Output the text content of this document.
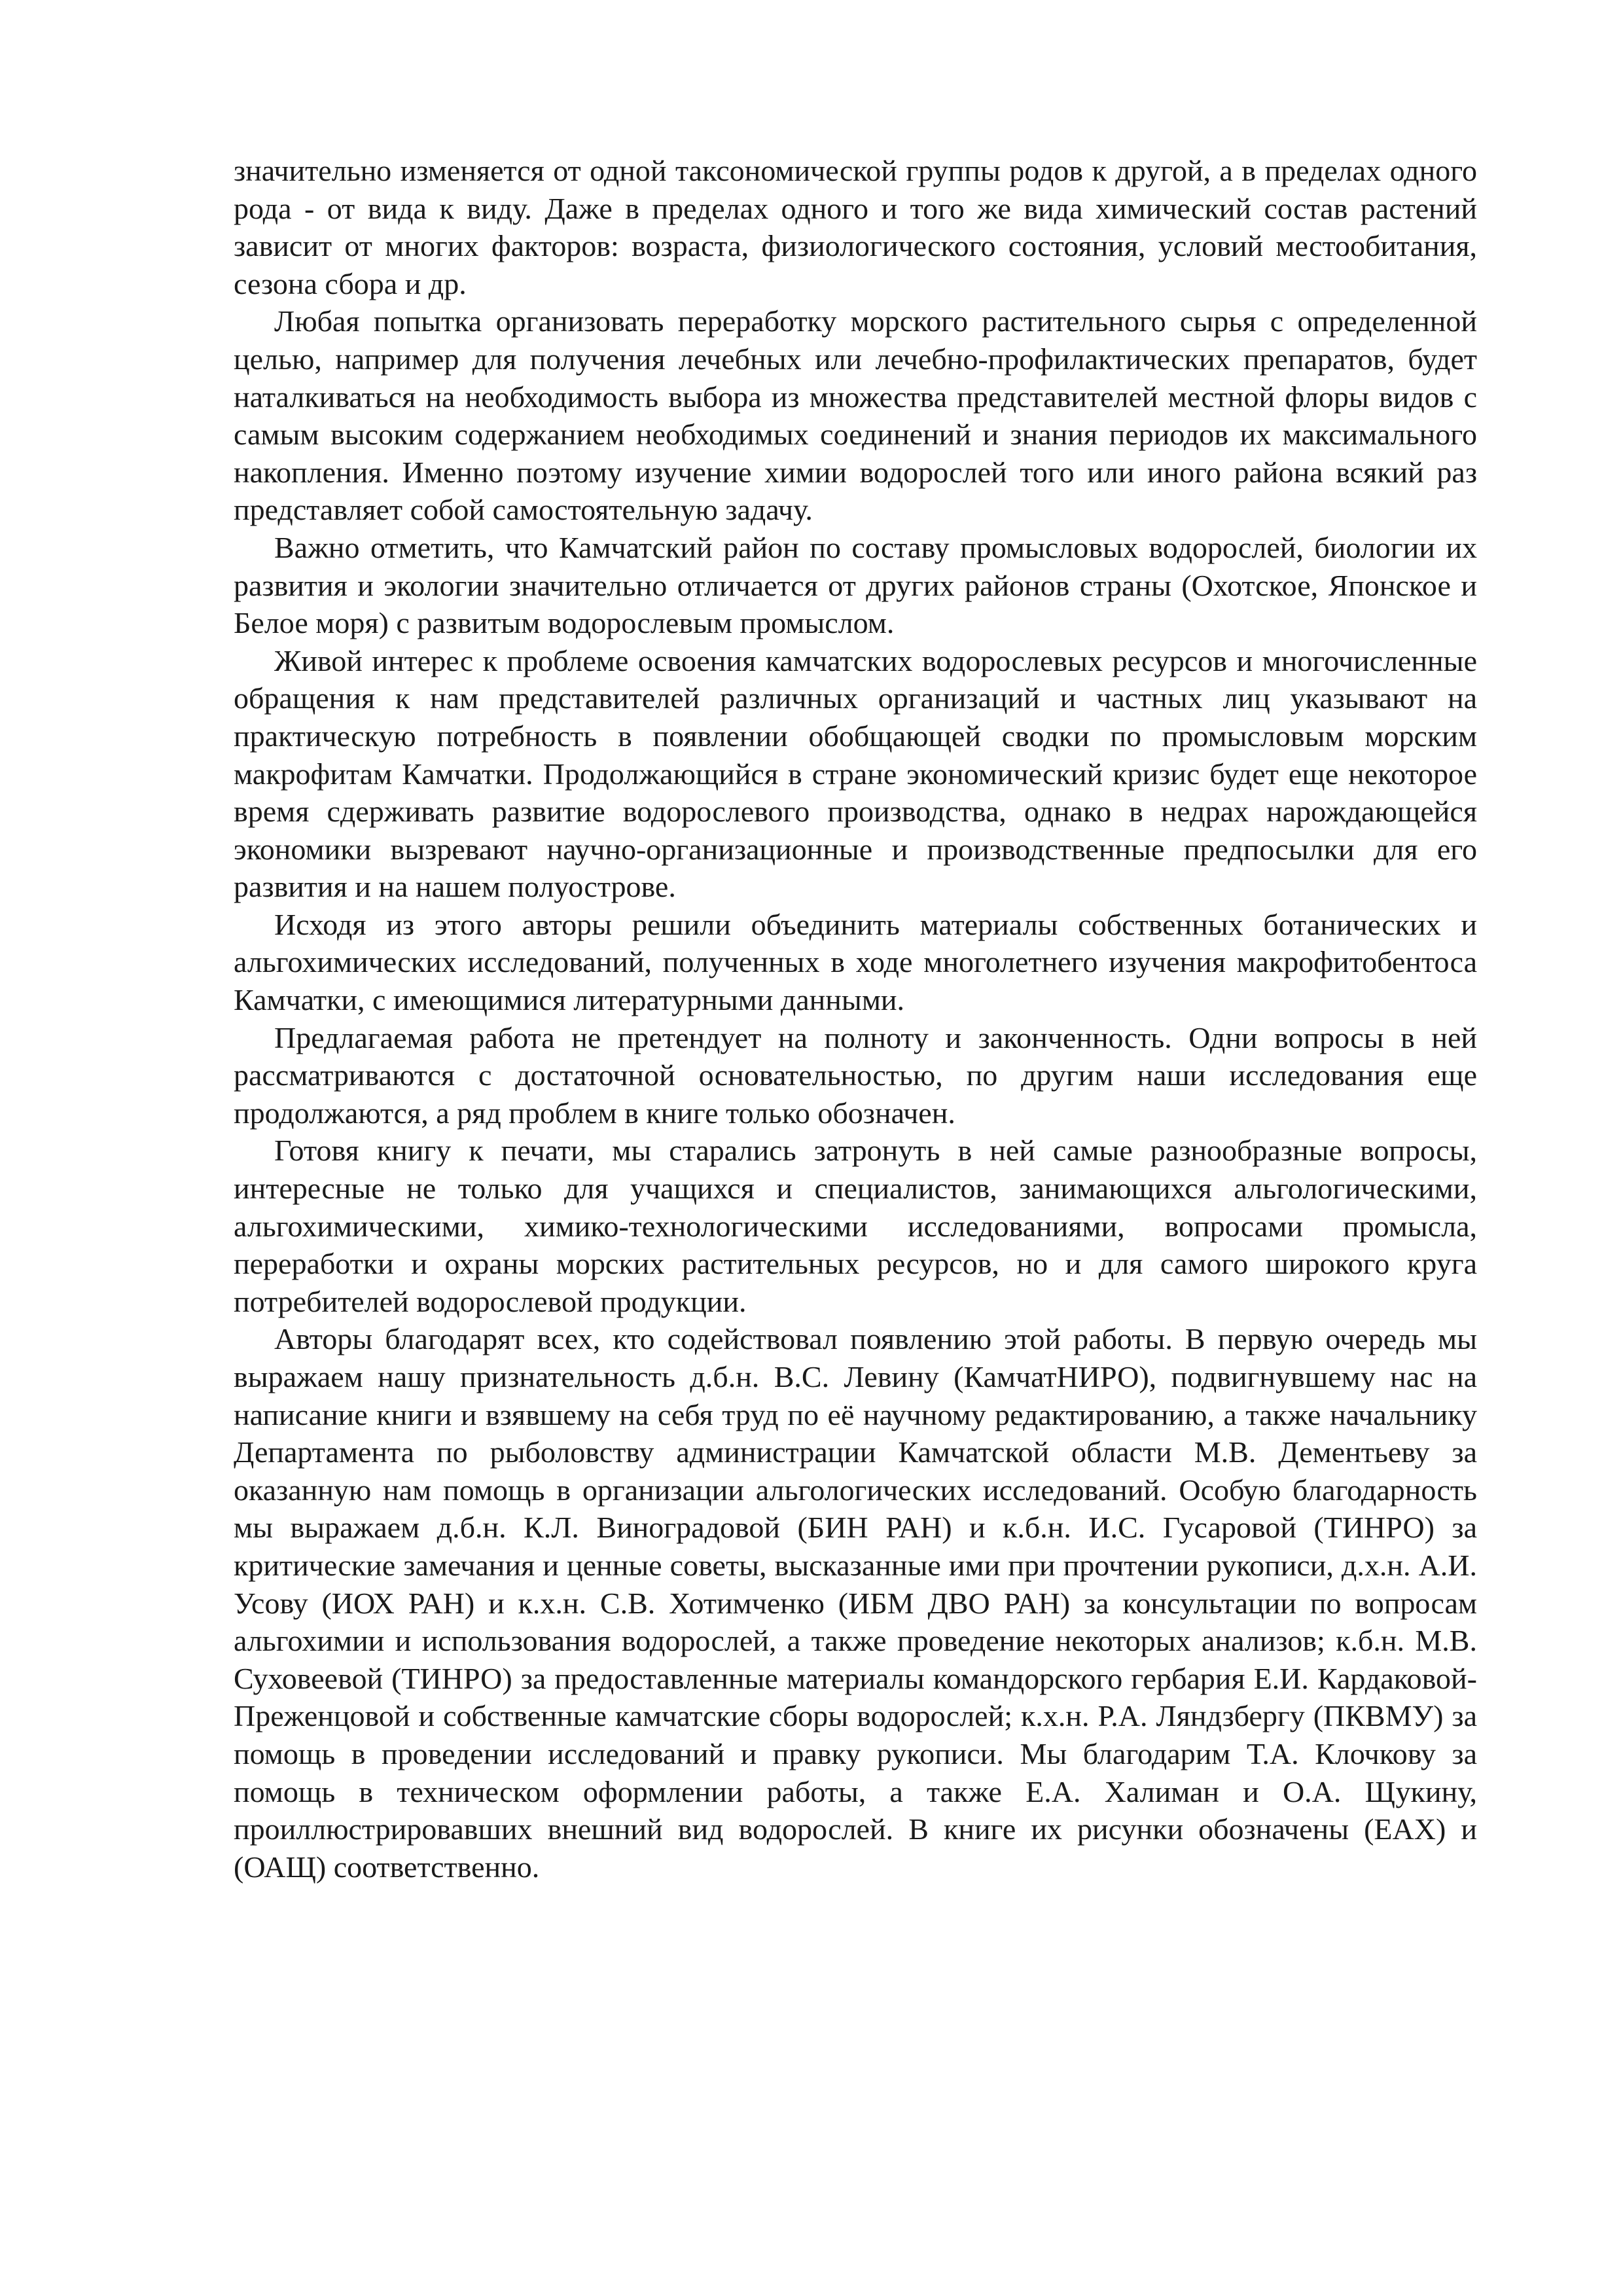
значительно изменяется от одной таксономической группы родов к другой, а в пределах одного рода - от вида к виду. Даже в пределах одного и того же вида химический состав растений зависит от многих факторов: возраста, физиологического состояния, условий местообитания, сезона сбора и др.

Любая попытка организовать переработку морского растительного сырья с определенной целью, например для получения лечебных или лечебно-профилактических препаратов, будет наталкиваться на необходимость выбора из множества представителей местной флоры видов с самым высоким содержанием необходимых соединений и знания периодов их максимального накопления. Именно поэтому изучение химии водорослей того или иного района всякий раз представляет собой самостоятельную задачу.

Важно отметить, что Камчатский район по составу промысловых водорослей, биологии их развития и экологии значительно отличается от других районов страны (Охотское, Японское и Белое моря) с развитым водорослевым промыслом.

Живой интерес к проблеме освоения камчатских водорослевых ресурсов и многочисленные обращения к нам представителей различных организаций и частных лиц указывают на практическую потребность в появлении обобщающей сводки по промысловым морским макрофитам Камчатки. Продолжающийся в стране экономический кризис будет еще некоторое время сдерживать развитие водорослевого производства, однако в недрах нарождающейся экономики вызревают научно-организационные и производственные предпосылки для его развития и на нашем полуострове.

Исходя из этого авторы решили объединить материалы собственных ботанических и альгохимических исследований, полученных в ходе многолетнего изучения макрофитобентоса Камчатки, с имеющимися литературными данными.

Предлагаемая работа не претендует на полноту и законченность. Одни вопросы в ней рассматриваются с достаточной основательностью, по другим наши исследования еще продолжаются, а ряд проблем в книге только обозначен.

Готовя книгу к печати, мы старались затронуть в ней самые разнообразные вопросы, интересные не только для учащихся и специалистов, занимающихся альгологическими, альгохимическими, химико-технологическими исследованиями, вопросами промысла, переработки и охраны морских растительных ресурсов, но и для самого широкого круга потребителей водорослевой продукции.

Авторы благодарят всех, кто содействовал появлению этой работы. В первую очередь мы выражаем нашу признательность д.б.н. В.С. Левину (КамчатНИРО), подвигнувшему нас на написание книги и взявшему на себя труд по её научному редактированию, а также начальнику Департамента по рыболовству администрации Камчатской области М.В. Дементьеву за оказанную нам помощь в организации альгологических исследований. Особую благодарность мы выражаем д.б.н. К.Л. Виноградовой (БИН РАН) и к.б.н. И.С. Гусаровой (ТИНРО) за критические замечания и ценные советы, высказанные ими при прочтении рукописи, д.х.н. А.И. Усову (ИОХ РАН) и к.х.н. С.В. Хотимченко (ИБМ ДВО РАН) за консультации по вопросам альгохимии и использования водорослей, а также проведение некоторых анализов; к.б.н. М.В. Суховеевой (ТИНРО) за предоставленные материалы командорского гербария Е.И. Кардаковой-Преженцовой и собственные камчатские сборы водорослей; к.х.н. Р.А. Ляндзбергу (ПКВМУ) за помощь в проведении исследований и правку рукописи. Мы благодарим Т.А. Клочкову за помощь в техническом оформлении работы, а также Е.А. Халиман и О.А. Щукину, проиллюстрировавших внешний вид водорослей. В книге их рисунки обозначены (ЕАХ) и (ОАЩ) соответственно.
